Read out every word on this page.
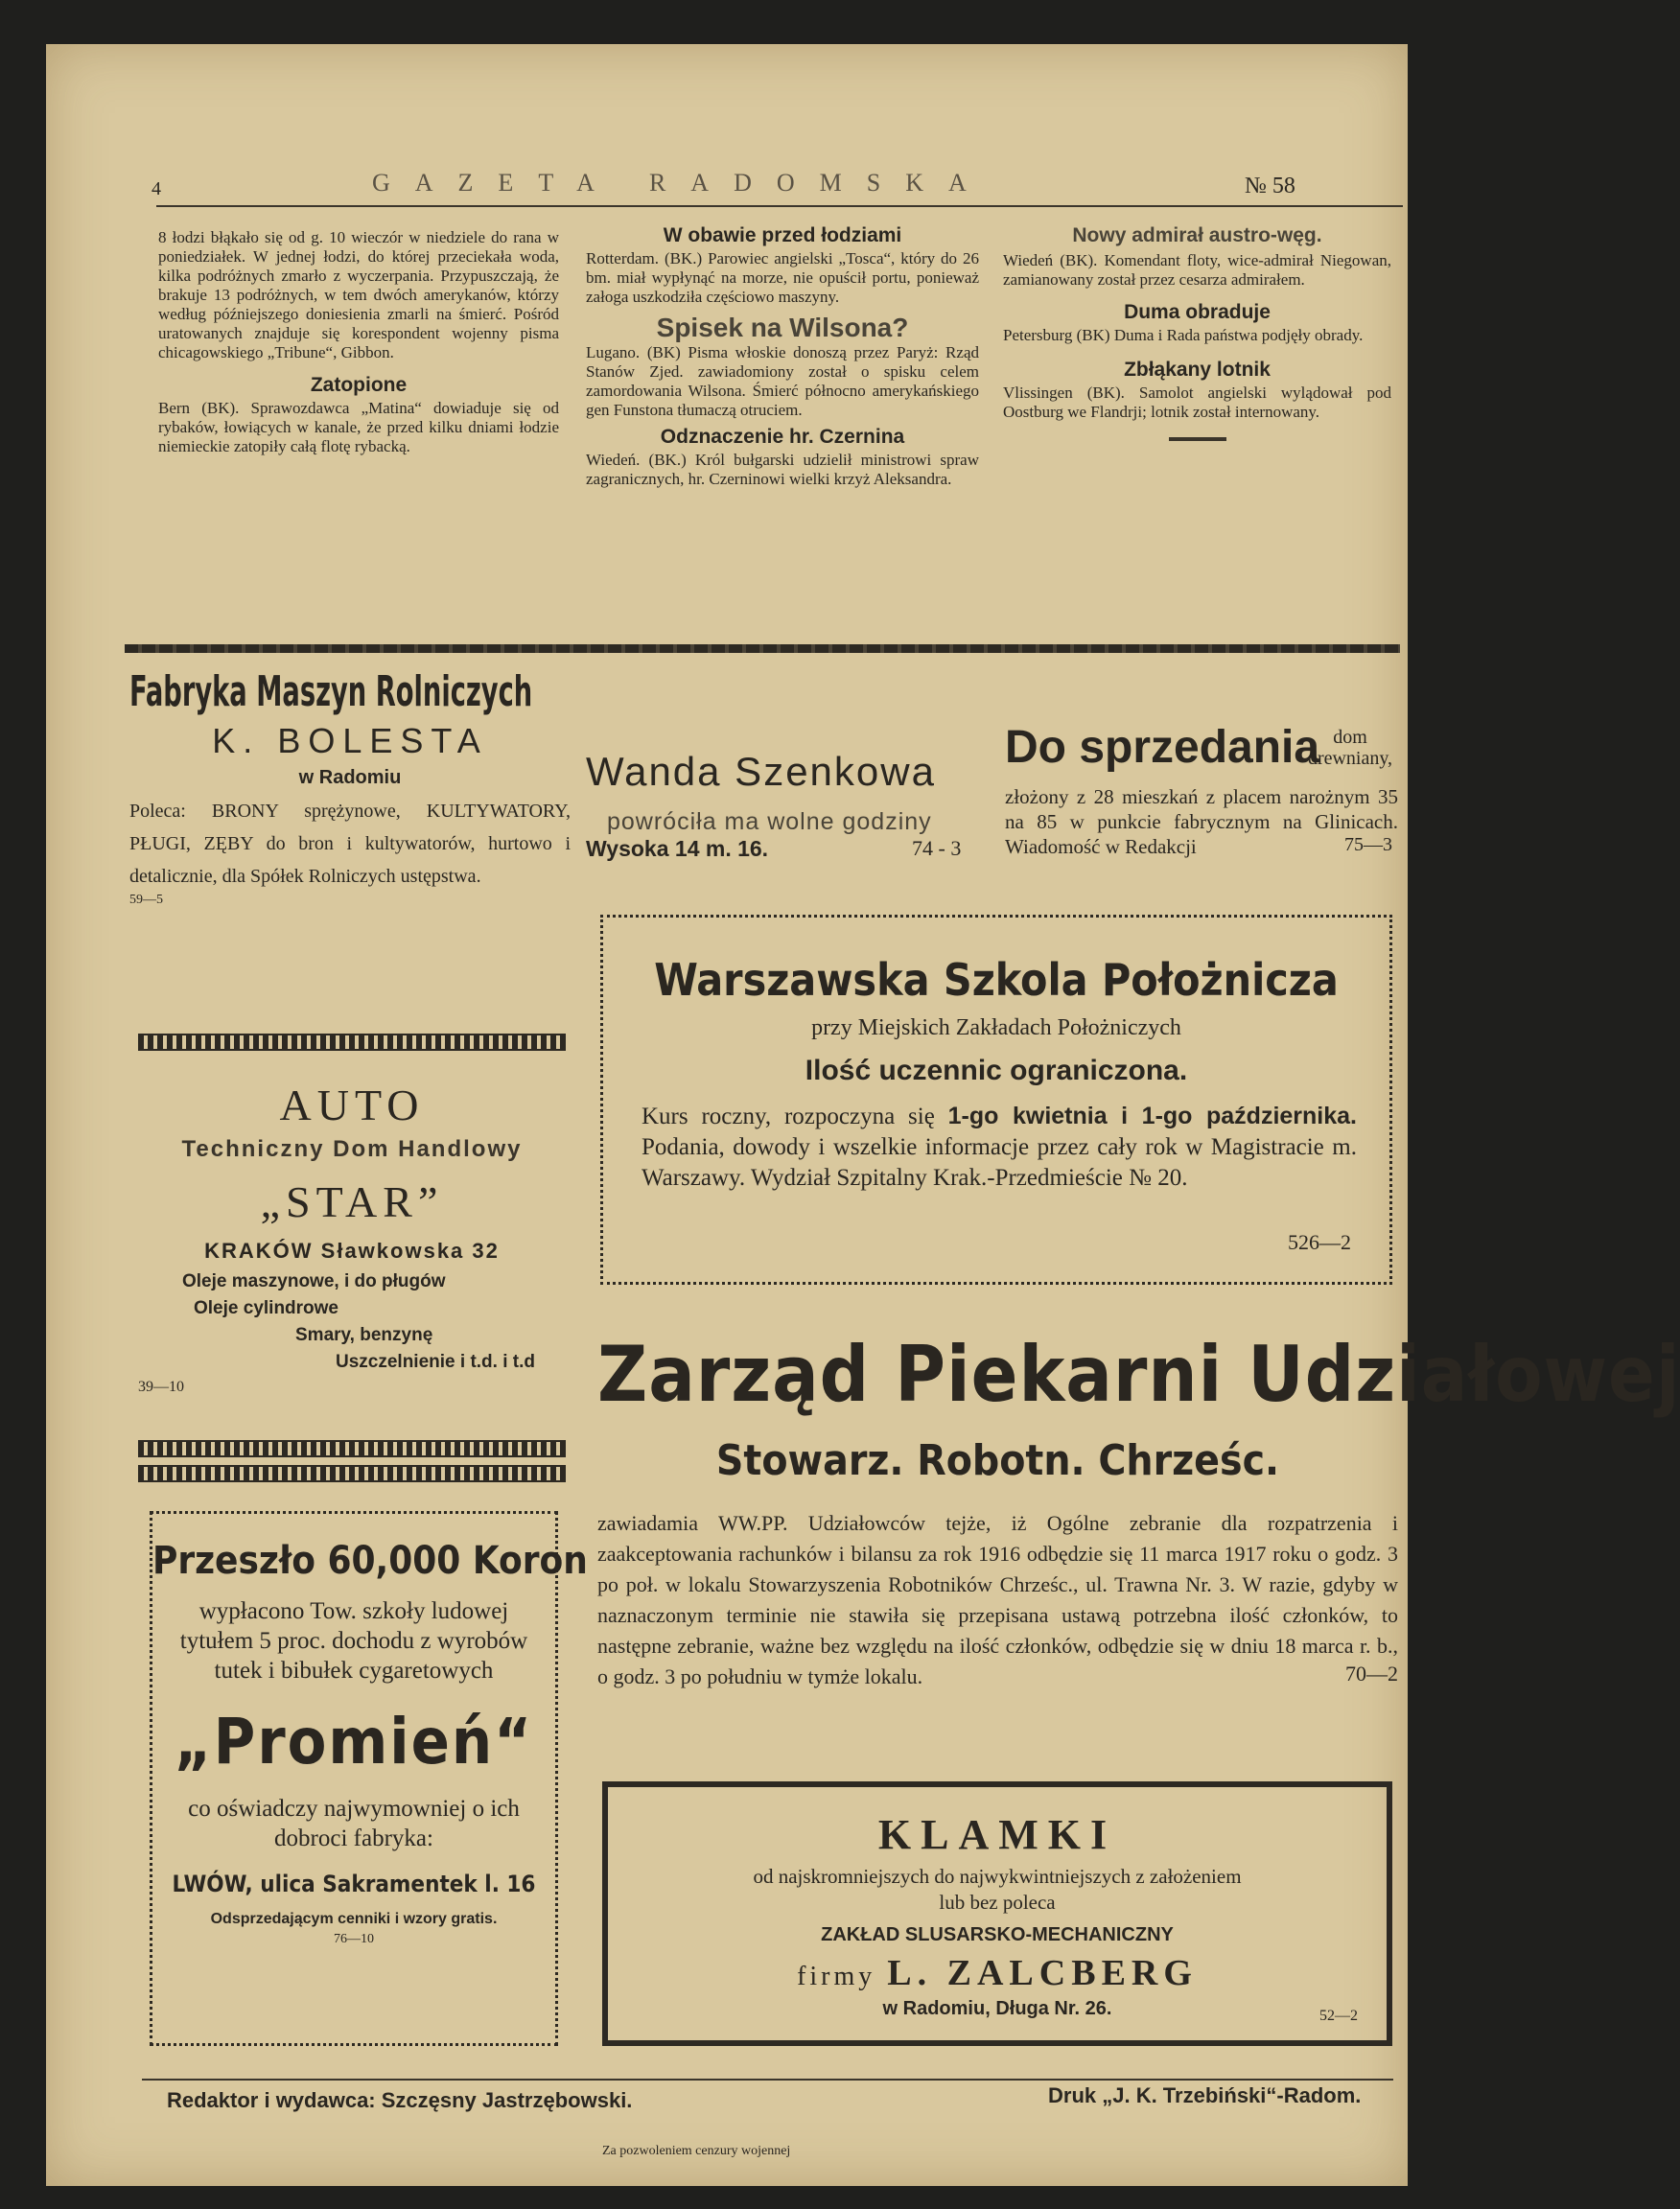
4	GAZETA RADOMSKA	№ 58
8 łodzi błąkało się od g. 10 wieczór w niedziele do rana w poniedziałek. W jednej łodzi, do której przeciekała woda, kilka podróżnych zmarło z wyczerpania. Przypuszczają, że brakuje 13 podróżnych, w tem dwóch amerykanów, którzy według późniejszego doniesienia zmarli na śmierć. Pośród uratowanych znajduje się korespondent wojenny pisma chicagowskiego „Tribune“, Gibbon.
Zatopione
Bern (BK). Sprawozdawca „Matina“ dowiaduje się od rybaków, łowiących w kanale, że przed kilku dniami łodzie niemieckie zatopiły całą flotę rybacką.
W obawie przed łodziami
Rotterdam. (BK.) Parowiec angielski „Tosca“, który do 26 bm. miał wypłynąć na morze, nie opuścił portu, ponieważ załoga uszkodziła częściowo maszyny.
Spisek na Wilsona?
Lugano. (BK) Pisma włoskie donoszą przez Paryż: Rząd Stanów Zjed. zawiadomiony został o spisku celem zamordowania Wilsona. Śmierć północno amerykańskiego gen Funstona tłumaczą otruciem.
Odznaczenie hr. Czernina
Wiedeń. (BK.) Król bułgarski udzielił ministrowi spraw zagranicznych, hr. Czerninowi wielki krzyż Aleksandra.
Nowy admirał austro-węg.
Wiedeń (BK). Komendant floty, wice-admirał Niegowan, zamianowany został przez cesarza admirałem.
Duma obraduje
Petersburg (BK) Duma i Rada państwa podjęły obrady.
Zbłąkany lotnik
Vlissingen (BK). Samolot angielski wylądował pod Oostburg we Flandrji; lotnik został internowany.
Fabryka Maszyn Rolniczych
K. BOLESTA
w Radomiu
Poleca: BRONY sprężynowe, KULTYWATORY, PŁUGI, ZĘBY do bron i kultywatorów, hurtowo i detalicznie, dla Spółek Rolniczych ustępstwa.
59—5
AUTO
Techniczny Dom Handlowy
„STAR”
KRAKÓW Sławkowska 32
Oleje maszynowe, i do pługów
Oleje cylindrowe
Smary, benzynę
Uszczelnienie i t.d. i t.d
39—10
Przeszło 60,000 Koron
wypłacono Tow. szkoły ludowej tytułem 5 proc. dochodu z wyrobów tutek i bibułek cygaretowych
„Promień“
co oświadczy najwymowniej o ich dobroci fabryka:
LWÓW, ulica Sakramentek l. 16
Odsprzedającym cenniki i wzory gratis.
76—10
Wanda Szenkowa
powróciła ma wolne godziny
Wysoka 14 m. 16.	74 - 3
Do sprzedania dom drewniany,
złożony z 28 mieszkań z placem narożnym 35 na 85 w punkcie fabrycznym na Glinicach. Wiadomość w Redakcji	75—3
Warszawska Szkola Położnicza
przy Miejskich Zakładach Położniczych
Ilość uczennic ograniczona.
Kurs roczny, rozpoczyna się 1-go kwietnia i 1-go października. Podania, dowody i wszelkie informacje przez cały rok w Magistracie m. Warszawy. Wydział Szpitalny Krak.-Przedmieście № 20.
526—2
Zarząd Piekarni Udziałowej
Stowarz. Robotn. Chrześc.
zawiadamia WW.PP. Udziałowców tejże, iż Ogólne zebranie dla rozpatrzenia i zaakceptowania rachunków i bilansu za rok 1916 odbędzie się 11 marca 1917 roku o godz. 3 po poł. w lokalu Stowarzyszenia Robotników Chrześc., ul. Trawna Nr. 3. W razie, gdyby w naznaczonym terminie nie stawiła się przepisana ustawą potrzebna ilość członków, to następne zebranie, ważne bez względu na ilość członków, odbędzie się w dniu 18 marca r. b., o godz. 3 po południu w tymże lokalu.	70—2
KLAMKI
od najskromniejszych do najwykwintniejszych z założeniem
lub bez poleca
ZAKŁAD SLUSARSKO-MECHANICZNY
firmy L. ZALCBERG
w Radomiu, Długa Nr. 26.	52—2
Redaktor i wydawca: Szczęsny Jastrzębowski.	Druk „J. K. Trzebiński“-Radom.
Za pozwoleniem cenzury wojennej
